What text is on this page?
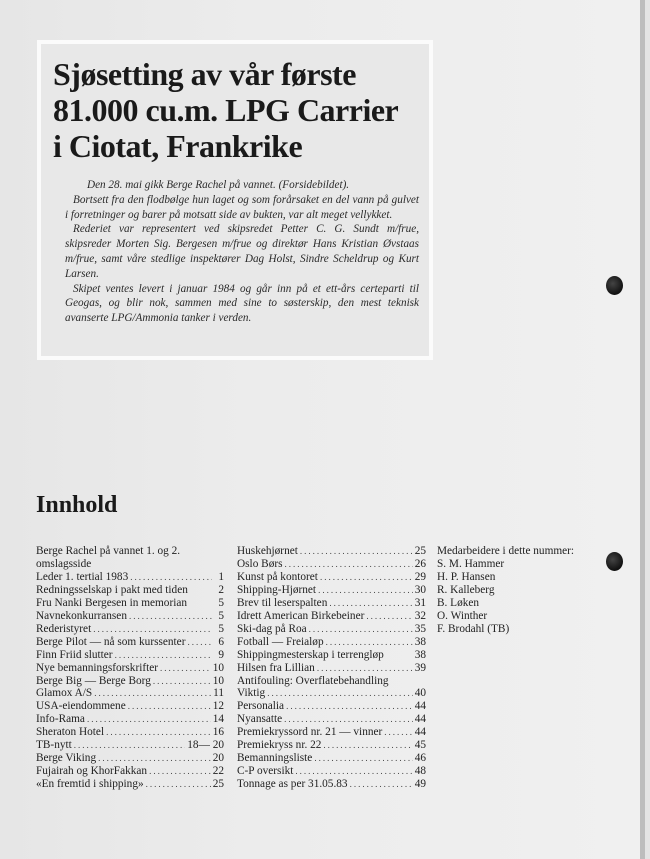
Sjøsetting av vår første
81.000 cu.m. LPG Carrier
i Ciotat, Frankrike

Den 28. mai gikk Berge Rachel på vannet. (Forsidebildet).

Bortsett fra den flodbølge hun laget og som forårsaket en del vann på gulvet i forretninger og barer på motsatt side av bukten, var alt meget vellykket.

Rederiet var representert ved skipsredet Petter C. G. Sundt m/frue, skipsreder Morten Sig. Bergesen m/frue og direktør Hans Kristian Øvstaas m/frue, samt våre stedlige inspektører Dag Holst, Sindre Scheldrup og Kurt Larsen.

Skipet ventes levert i januar 1984 og går inn på et ett-års certeparti til Geogas, og blir nok, sammen med sine to søsterskip, den mest teknisk avanserte LPG/Ammonia tanker i verden.

Innhold
Berge Rachel på vannet 1. og 2.
omslagsside
Leder 1. tertial 1983 .....	1
Redningsselskap i pakt med tiden	2
Fru Nanki Bergesen in memorian	5
Navnekonkurransen .....	5
Rederistyret .....	5
Berge Pilot — nå som kurssenter .....	6
Finn Friid slutter .....	9
Nye bemanningsforskrifter .....	10
Berge Big — Berge Borg .....	10
Glamox A/S .....	11
USA-eiendommene .....	12
Info-Rama .....	14
Sheraton Hotel .....	16
TB-nytt .....	18— 20
Berge Viking .....	20
Fujairah og KhorFakkan .....	22
«En fremtid i shipping» .....	25
Huskehjørnet .....	25
Oslo Børs .....	26
Kunst på kontoret .....	29
Shipping-Hjørnet .....	30
Brev til leserspalten .....	31
Idrett American Birkebeiner .....	32
Ski-dag på Roa .....	35
Fotball — Freialøp .....	38
Shippingmesterskap i terrengløp	38
Hilsen fra Lillian .....	39
Antifouling: Overflatebehandling
Viktig .....	40
Personalia .....	44
Nyansatte .....	44
Premiekryssord nr. 21 — vinner .....	44
Premiekryss nr. 22 .....	45
Bemanningsliste .....	46
C-P oversikt .....	48
Tonnage as per 31.05.83 .....	49
Medarbeidere i dette nummer:
S. M. Hammer
H. P. Hansen
R. Kalleberg
B. Løken
O. Winther
F. Brodahl (TB)
